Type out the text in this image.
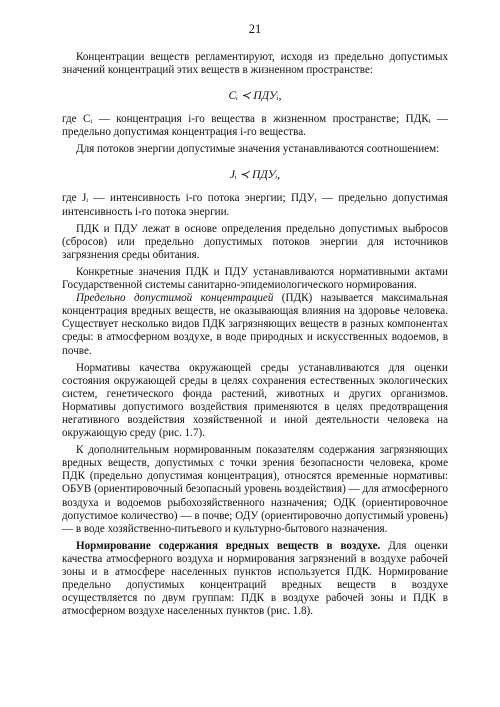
21

Концентрации веществ регламентируют, исходя из предельно допустимых значений концентраций этих веществ в жизненном пространстве:

Cᵢ ≺ ПДУᵢ,

где Cᵢ — концентрация i-го вещества в жизненном пространстве; ПДКᵢ — предельно допустимая концентрация i-го вещества.

Для потоков энергии допустимые значения устанавливаются соотношением:

Jᵢ ≺ ПДУᵢ,

где Jᵢ — интенсивность i-го потока энергии; ПДУᵢ — предельно допустимая интенсивность i-го потока энергии.

ПДК и ПДУ лежат в основе определения предельно допустимых выбросов (сбросов) или предельно допустимых потоков энергии для источников загрязнения среды обитания.

Конкретные значения ПДК и ПДУ устанавливаются нормативными актами Государственной системы санитарно-эпидемиологического нормирования.

Предельно допустимой концентрацией (ПДК) называется максимальная концентрация вредных веществ, не оказывающая влияния на здоровье человека. Существует несколько видов ПДК загрязняющих веществ в разных компонентах среды: в атмосферном воздухе, в воде природных и искусственных водоемов, в почве.

Нормативы качества окружающей среды устанавливаются для оценки состояния окружающей среды в целях сохранения естественных экологических систем, генетического фонда растений, животных и других организмов. Нормативы допустимого воздействия применяются в целях предотвращения негативного воздействия хозяйственной и иной деятельности человека на окружающую среду (рис. 1.7).

К дополнительным нормированным показателям содержания загрязняющих вредных веществ, допустимых с точки зрения безопасности человека, кроме ПДК (предельно допустимая концентрация), относятся временные нормативы: ОБУВ (ориентировочный безопасный уровень воздействия) — для атмосферного воздуха и водоемов рыбохозяйственного назначения; ОДК (ориентировочное допустимое количество) — в почве; ОДУ (ориентировочно допустимый уровень) — в воде хозяйственно-питьевого и культурно-бытового назначения.

Нормирование содержания вредных веществ в воздухе. Для оценки качества атмосферного воздуха и нормирования загрязнений в воздухе рабочей зоны и в атмосфере населенных пунктов используется ПДК. Нормирование предельно допустимых концентраций вредных веществ в воздухе осуществляется по двум группам: ПДК в воздухе рабочей зоны и ПДК в атмосферном воздухе населенных пунктов (рис. 1.8).
